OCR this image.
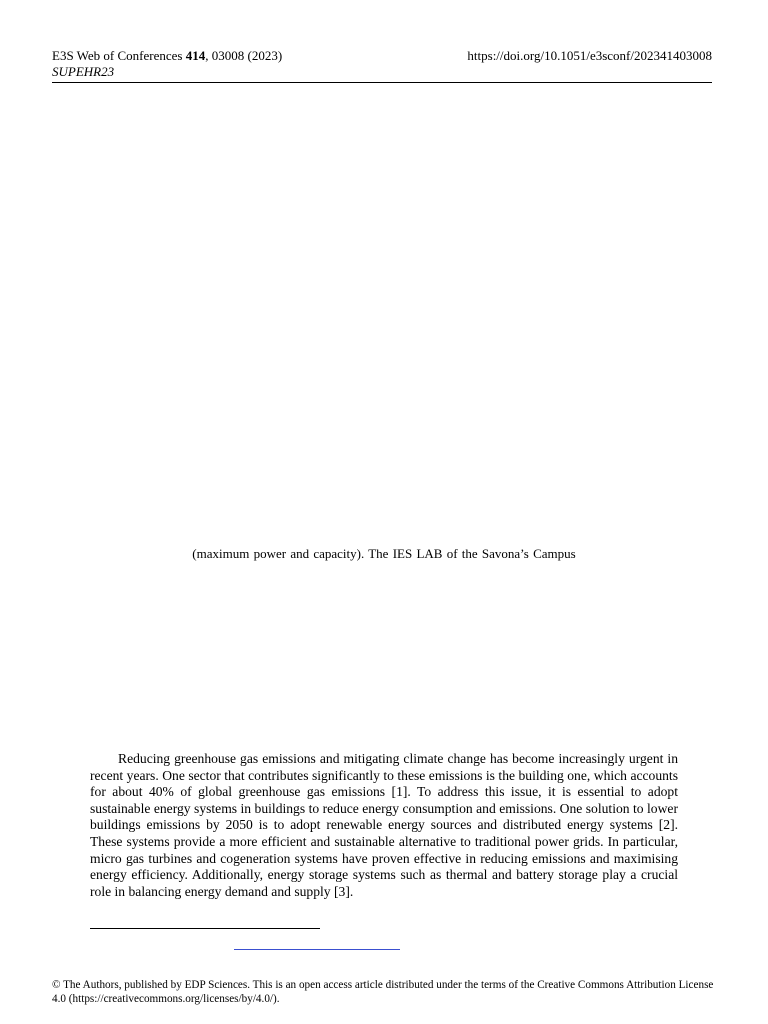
E3S Web of Conferences 414, 03008 (2023)
SUPEHR23
https://doi.org/10.1051/e3sconf/202341403008
(maximum power and capacity). The IES LAB of the Savona’s Campus

Reducing greenhouse gas emissions and mitigating climate change has become increasingly urgent in recent years. One sector that contributes significantly to these emissions is the building one, which accounts for about 40% of global greenhouse gas emissions [1]. To address this issue, it is essential to adopt sustainable energy systems in buildings to reduce energy consumption and emissions. One solution to lower buildings emissions by 2050 is to adopt renewable energy sources and distributed energy systems [2]. These systems provide a more efficient and sustainable alternative to traditional power grids. In particular, micro gas turbines and cogeneration systems have proven effective in reducing emissions and maximising energy efficiency. Additionally, energy storage systems such as thermal and battery storage play a crucial role in balancing energy demand and supply [3].

© The Authors, published by EDP Sciences. This is an open access article distributed under the terms of the Creative Commons Attribution License 4.0 (https://creativecommons.org/licenses/by/4.0/).
